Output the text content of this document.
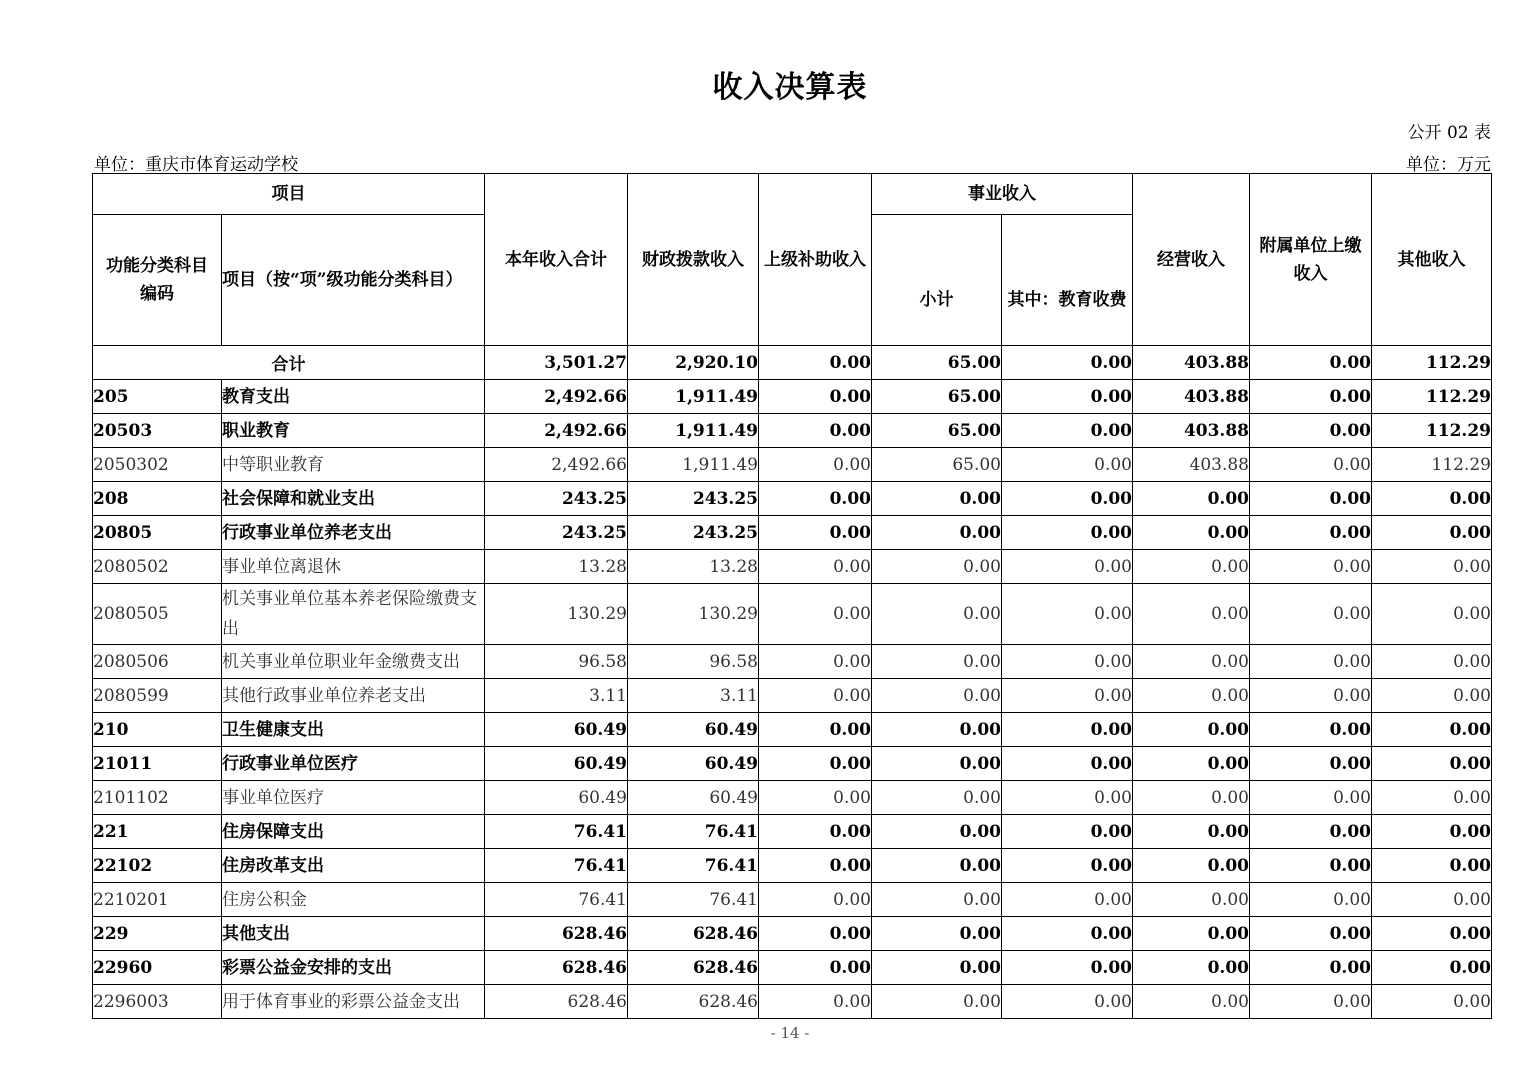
收入决算表
公开 02 表
单位：重庆市体育运动学校	单位：万元
项目		本年收入合计	财政拨款收入	上级补助收入	事业收入		经营收入	附属单位上缴收入	其他收入
功能分类科目编码	项目（按“项”级功能分类科目）				小计	其中：教育收费			
合计		3,501.27	2,920.10	0.00	65.00	0.00	403.88	0.00	112.29
205	教育支出	2,492.66	1,911.49	0.00	65.00	0.00	403.88	0.00	112.29
20503	职业教育	2,492.66	1,911.49	0.00	65.00	0.00	403.88	0.00	112.29
2050302	中等职业教育	2,492.66	1,911.49	0.00	65.00	0.00	403.88	0.00	112.29
208	社会保障和就业支出	243.25	243.25	0.00	0.00	0.00	0.00	0.00	0.00
20805	行政事业单位养老支出	243.25	243.25	0.00	0.00	0.00	0.00	0.00	0.00
2080502	事业单位离退休	13.28	13.28	0.00	0.00	0.00	0.00	0.00	0.00
2080505	机关事业单位基本养老保险缴费支出	130.29	130.29	0.00	0.00	0.00	0.00	0.00	0.00
2080506	机关事业单位职业年金缴费支出	96.58	96.58	0.00	0.00	0.00	0.00	0.00	0.00
2080599	其他行政事业单位养老支出	3.11	3.11	0.00	0.00	0.00	0.00	0.00	0.00
210	卫生健康支出	60.49	60.49	0.00	0.00	0.00	0.00	0.00	0.00
21011	行政事业单位医疗	60.49	60.49	0.00	0.00	0.00	0.00	0.00	0.00
2101102	事业单位医疗	60.49	60.49	0.00	0.00	0.00	0.00	0.00	0.00
221	住房保障支出	76.41	76.41	0.00	0.00	0.00	0.00	0.00	0.00
22102	住房改革支出	76.41	76.41	0.00	0.00	0.00	0.00	0.00	0.00
2210201	住房公积金	76.41	76.41	0.00	0.00	0.00	0.00	0.00	0.00
229	其他支出	628.46	628.46	0.00	0.00	0.00	0.00	0.00	0.00
22960	彩票公益金安排的支出	628.46	628.46	0.00	0.00	0.00	0.00	0.00	0.00
2296003	用于体育事业的彩票公益金支出	628.46	628.46	0.00	0.00	0.00	0.00	0.00	0.00
- 14 -
